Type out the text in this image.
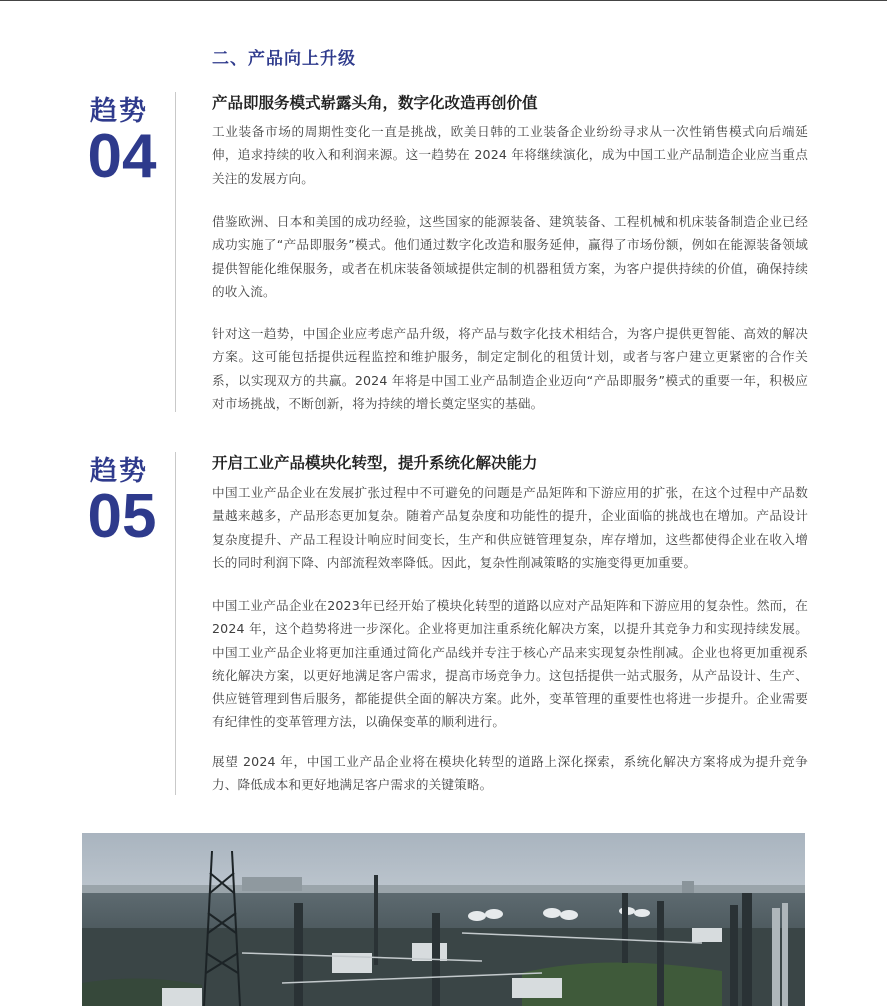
二、产品向上升级
趋势
04
产品即服务模式崭露头角，数字化改造再创价值

工业装备市场的周期性变化一直是挑战，欧美日韩的工业装备企业纷纷寻求从一次性销售模式向后端延伸，追求持续的收入和利润来源。这一趋势在 2024 年将继续演化，成为中国工业产品制造企业应当重点关注的发展方向。

借鉴欧洲、日本和美国的成功经验，这些国家的能源装备、建筑装备、工程机械和机床装备制造企业已经成功实施了“产品即服务”模式。他们通过数字化改造和服务延伸，赢得了市场份额，例如在能源装备领域提供智能化维保服务，或者在机床装备领域提供定制的机器租赁方案，为客户提供持续的价值，确保持续的收入流。

针对这一趋势，中国企业应考虑产品升级，将产品与数字化技术相结合，为客户提供更智能、高效的解决方案。这可能包括提供远程监控和维护服务，制定定制化的租赁计划，或者与客户建立更紧密的合作关系，以实现双方的共赢。2024 年将是中国工业产品制造企业迈向“产品即服务”模式的重要一年，积极应对市场挑战，不断创新，将为持续的增长奠定坚实的基础。

趋势
05
开启工业产品模块化转型，提升系统化解决能力

中国工业产品企业在发展扩张过程中不可避免的问题是产品矩阵和下游应用的扩张，在这个过程中产品数量越来越多，产品形态更加复杂。随着产品复杂度和功能性的提升，企业面临的挑战也在增加。产品设计复杂度提升、产品工程设计响应时间变长，生产和供应链管理复杂，库存增加，这些都使得企业在收入增长的同时利润下降、内部流程效率降低。因此，复杂性削减策略的实施变得更加重要。

中国工业产品企业在2023年已经开始了模块化转型的道路以应对产品矩阵和下游应用的复杂性。然而，在 2024 年，这个趋势将进一步深化。企业将更加注重系统化解决方案，以提升其竞争力和实现持续发展。中国工业产品企业将更加注重通过简化产品线并专注于核心产品来实现复杂性削减。企业也将更加重视系统化解决方案，以更好地满足客户需求，提高市场竞争力。这包括提供一站式服务，从产品设计、生产、供应链管理到售后服务，都能提供全面的解决方案。此外，变革管理的重要性也将进一步提升。企业需要有纪律性的变革管理方法，以确保变革的顺利进行。

展望 2024 年，中国工业产品企业将在模块化转型的道路上深化探索，系统化解决方案将成为提升竞争力、降低成本和更好地满足客户需求的关键策略。
